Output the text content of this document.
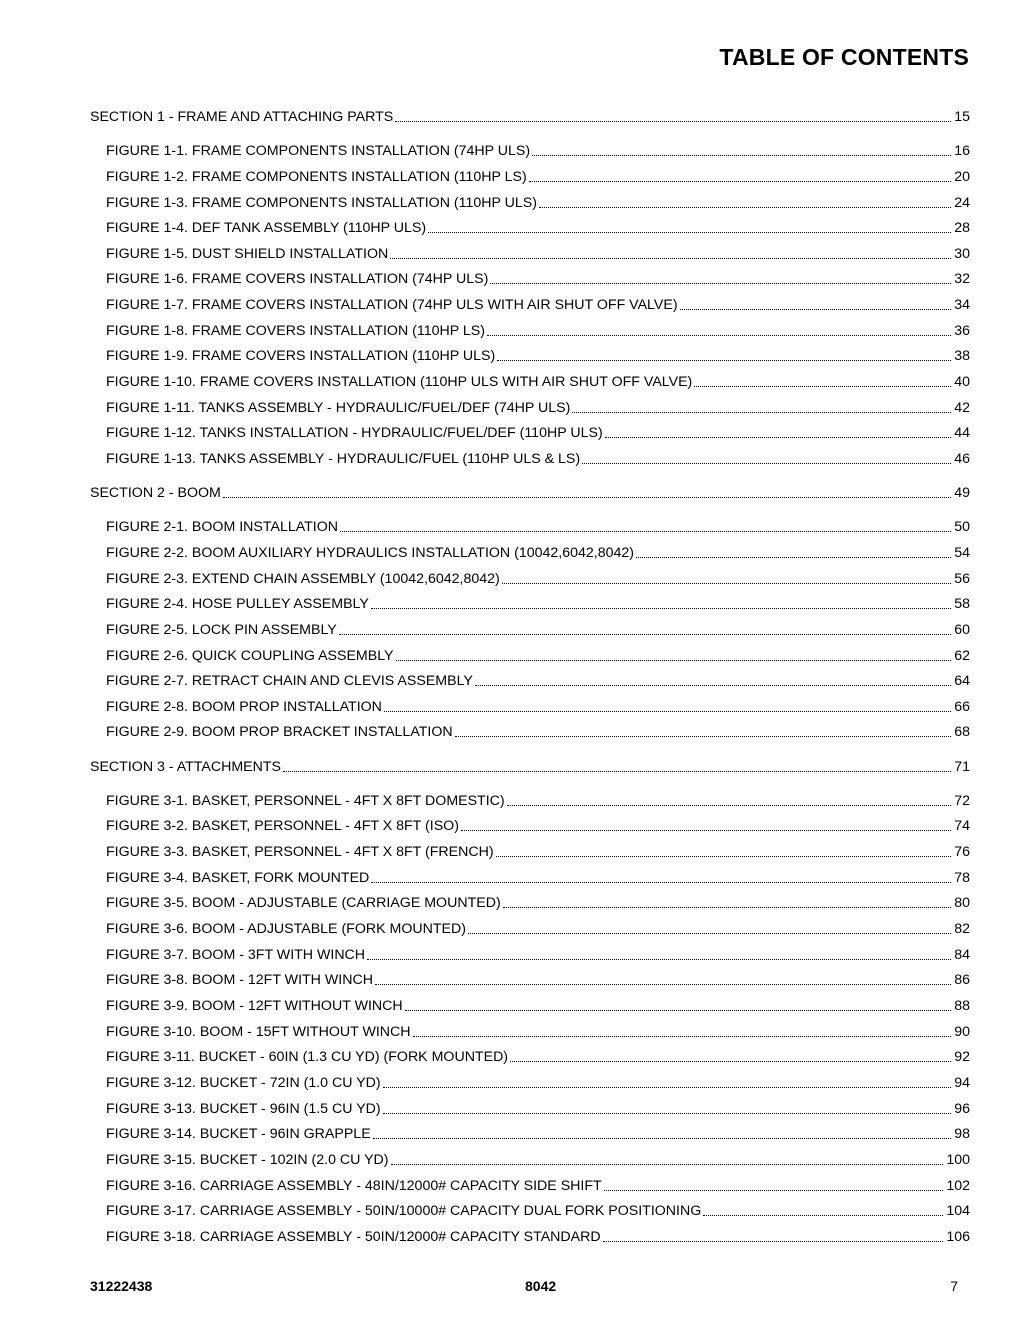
TABLE OF CONTENTS
SECTION 1 - FRAME AND ATTACHING PARTS	15
FIGURE 1-1. FRAME COMPONENTS INSTALLATION (74HP ULS)	16
FIGURE 1-2. FRAME COMPONENTS INSTALLATION (110HP LS)	20
FIGURE 1-3. FRAME COMPONENTS INSTALLATION (110HP ULS)	24
FIGURE 1-4. DEF TANK ASSEMBLY (110HP ULS)	28
FIGURE 1-5. DUST SHIELD INSTALLATION	30
FIGURE 1-6. FRAME COVERS INSTALLATION (74HP ULS)	32
FIGURE 1-7. FRAME COVERS INSTALLATION (74HP ULS WITH AIR SHUT OFF VALVE)	34
FIGURE 1-8. FRAME COVERS INSTALLATION (110HP LS)	36
FIGURE 1-9. FRAME COVERS INSTALLATION (110HP ULS)	38
FIGURE 1-10. FRAME COVERS INSTALLATION (110HP ULS WITH AIR SHUT OFF VALVE)	40
FIGURE 1-11. TANKS ASSEMBLY - HYDRAULIC/FUEL/DEF (74HP ULS)	42
FIGURE 1-12. TANKS INSTALLATION - HYDRAULIC/FUEL/DEF (110HP ULS)	44
FIGURE 1-13. TANKS ASSEMBLY - HYDRAULIC/FUEL (110HP ULS & LS)	46
SECTION 2 - BOOM	49
FIGURE 2-1. BOOM INSTALLATION	50
FIGURE 2-2. BOOM AUXILIARY HYDRAULICS INSTALLATION (10042,6042,8042)	54
FIGURE 2-3. EXTEND CHAIN ASSEMBLY (10042,6042,8042)	56
FIGURE 2-4. HOSE PULLEY ASSEMBLY	58
FIGURE 2-5. LOCK PIN ASSEMBLY	60
FIGURE 2-6. QUICK COUPLING ASSEMBLY	62
FIGURE 2-7. RETRACT CHAIN AND CLEVIS ASSEMBLY	64
FIGURE 2-8. BOOM PROP INSTALLATION	66
FIGURE 2-9. BOOM PROP BRACKET INSTALLATION	68
SECTION 3 - ATTACHMENTS	71
FIGURE 3-1. BASKET, PERSONNEL - 4FT X 8FT DOMESTIC)	72
FIGURE 3-2. BASKET, PERSONNEL - 4FT X 8FT (ISO)	74
FIGURE 3-3. BASKET, PERSONNEL - 4FT X 8FT (FRENCH)	76
FIGURE 3-4. BASKET, FORK MOUNTED	78
FIGURE 3-5. BOOM - ADJUSTABLE (CARRIAGE MOUNTED)	80
FIGURE 3-6. BOOM - ADJUSTABLE (FORK MOUNTED)	82
FIGURE 3-7. BOOM - 3FT WITH WINCH	84
FIGURE 3-8. BOOM - 12FT WITH WINCH	86
FIGURE 3-9. BOOM - 12FT WITHOUT WINCH	88
FIGURE 3-10. BOOM - 15FT WITHOUT WINCH	90
FIGURE 3-11. BUCKET - 60IN (1.3 CU YD) (FORK MOUNTED)	92
FIGURE 3-12. BUCKET - 72IN (1.0 CU YD)	94
FIGURE 3-13. BUCKET - 96IN (1.5 CU YD)	96
FIGURE 3-14. BUCKET - 96IN GRAPPLE	98
FIGURE 3-15. BUCKET - 102IN (2.0 CU YD)	100
FIGURE 3-16. CARRIAGE ASSEMBLY - 48IN/12000# CAPACITY SIDE SHIFT	102
FIGURE 3-17. CARRIAGE ASSEMBLY - 50IN/10000# CAPACITY DUAL FORK POSITIONING	104
FIGURE 3-18. CARRIAGE ASSEMBLY - 50IN/12000# CAPACITY STANDARD	106
31222438	8042	7
